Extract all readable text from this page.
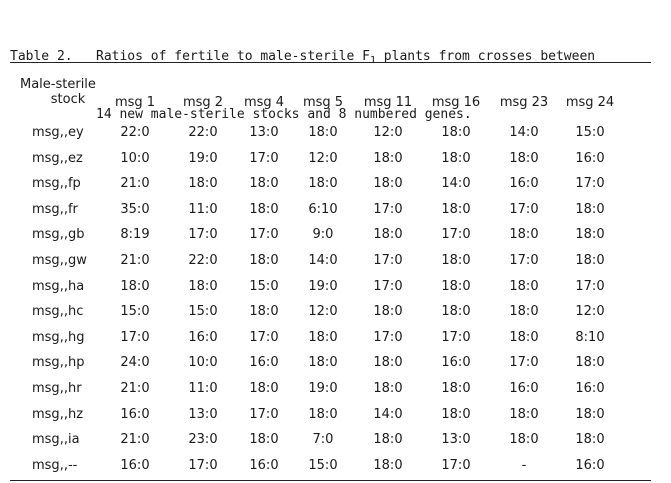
Table 2. Ratios of fertile to male-sterile $F_1$ plants from crosses between

14 new male-sterile stocks and 8 numbered genes.

Male-sterile
stock	msg 1	msg 2	msg 4	msg 5	msg 11	msg 16	msg 23	msg 24
msg,,ey	22:0	22:0	13:0	18:0	12:0	18:0	14:0	15:0
msg,,ez	10:0	19:0	17:0	12:0	18:0	18:0	18:0	16:0
msg,,fp	21:0	18:0	18:0	18:0	18:0	14:0	16:0	17:0
msg,,fr	35:0	11:0	18:0	6:10	17:0	18:0	17:0	18:0
msg,,gb	8:19	17:0	17:0	9:0	18:0	17:0	18:0	18:0
msg,,gw	21:0	22:0	18:0	14:0	17:0	18:0	17:0	18:0
msg,,ha	18:0	18:0	15:0	19:0	17:0	18:0	18:0	17:0
msg,,hc	15:0	15:0	18:0	12:0	18:0	18:0	18:0	12:0
msg,,hg	17:0	16:0	17:0	18:0	17:0	17:0	18:0	8:10
msg,,hp	24:0	10:0	16:0	18:0	18:0	16:0	17:0	18:0
msg,,hr	21:0	11:0	18:0	19:0	18:0	18:0	16:0	16:0
msg,,hz	16:0	13:0	17:0	18:0	14:0	18:0	18:0	18:0
msg,,ia	21:0	23:0	18:0	7:0	18:0	13:0	18:0	18:0
msg,,--	16:0	17:0	16:0	15:0	18:0	17:0	-	16:0
